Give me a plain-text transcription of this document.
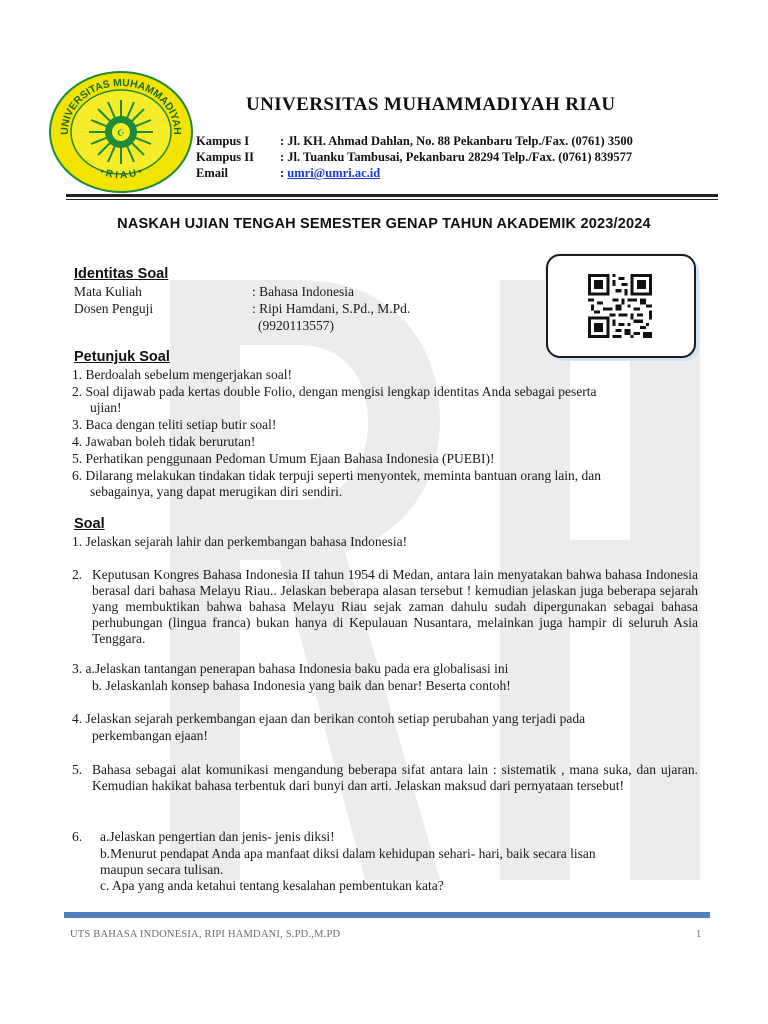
UNIVERSITAS MUHAMMADIYAH
• R I A U •
☪
UNIVERSITAS MUHAMMADIYAH RIAU
Kampus I : Jl. KH. Ahmad Dahlan, No. 88 Pekanbaru Telp./Fax. (0761) 3500
Kampus II : Jl. Tuanku Tambusai, Pekanbaru 28294 Telp./Fax. (0761) 839577
Email	: umri@umri.ac.id
NASKAH UJIAN TENGAH SEMESTER GENAP TAHUN AKADEMIK 2023/2024
Identitas Soal
Mata Kuliah	: Bahasa Indonesia
Dosen Penguji	: Ripi Hamdani, S.Pd., M.Pd.
(9920113557)
Petunjuk Soal
1. Berdoalah sebelum mengerjakan soal!
2. Soal dijawab pada kertas double Folio, dengan mengisi lengkap identitas Anda sebagai peserta
ujian!
3. Baca dengan teliti setiap butir soal!
4. Jawaban boleh tidak berurutan!
5. Perhatikan penggunaan Pedoman Umum Ejaan Bahasa Indonesia (PUEBI)!
6. Dilarang melakukan tindakan tidak terpuji seperti menyontek, meminta bantuan orang lain, dan
sebagainya, yang dapat merugikan diri sendiri.
Soal
1. Jelaskan sejarah lahir dan perkembangan bahasa Indonesia!
2. Keputusan Kongres Bahasa Indonesia II tahun 1954 di Medan, antara lain menyatakan bahwa bahasa Indonesia berasal dari bahasa Melayu Riau.. Jelaskan beberapa alasan tersebut ! kemudian jelaskan juga beberapa sejarah yang membuktikan bahwa bahasa Melayu Riau sejak zaman dahulu sudah dipergunakan sebagai bahasa perhubungan (lingua franca) bukan hanya di Kepulauan Nusantara, melainkan juga hampir di seluruh Asia Tenggara.
3. a.Jelaskan tantangan penerapan bahasa Indonesia baku pada era globalisasi ini
b. Jelaskanlah konsep bahasa Indonesia yang baik dan benar! Beserta contoh!
4. Jelaskan sejarah perkembangan ejaan dan berikan contoh setiap perubahan yang terjadi pada
perkembangan ejaan!
5. Bahasa sebagai alat komunikasi mengandung beberapa sifat antara lain : sistematik , mana suka, dan ujaran. Kemudian hakikat bahasa terbentuk dari bunyi dan arti. Jelaskan maksud dari pernyataan tersebut!
6. a.Jelaskan pengertian dan jenis- jenis diksi!
b.Menurut pendapat Anda apa manfaat diksi dalam kehidupan sehari- hari, baik secara lisan
maupun secara tulisan.
c. Apa yang anda ketahui tentang kesalahan pembentukan kata?
UTS BAHASA INDONESIA, RIPI HAMDANI, S.PD.,M.PD	1
